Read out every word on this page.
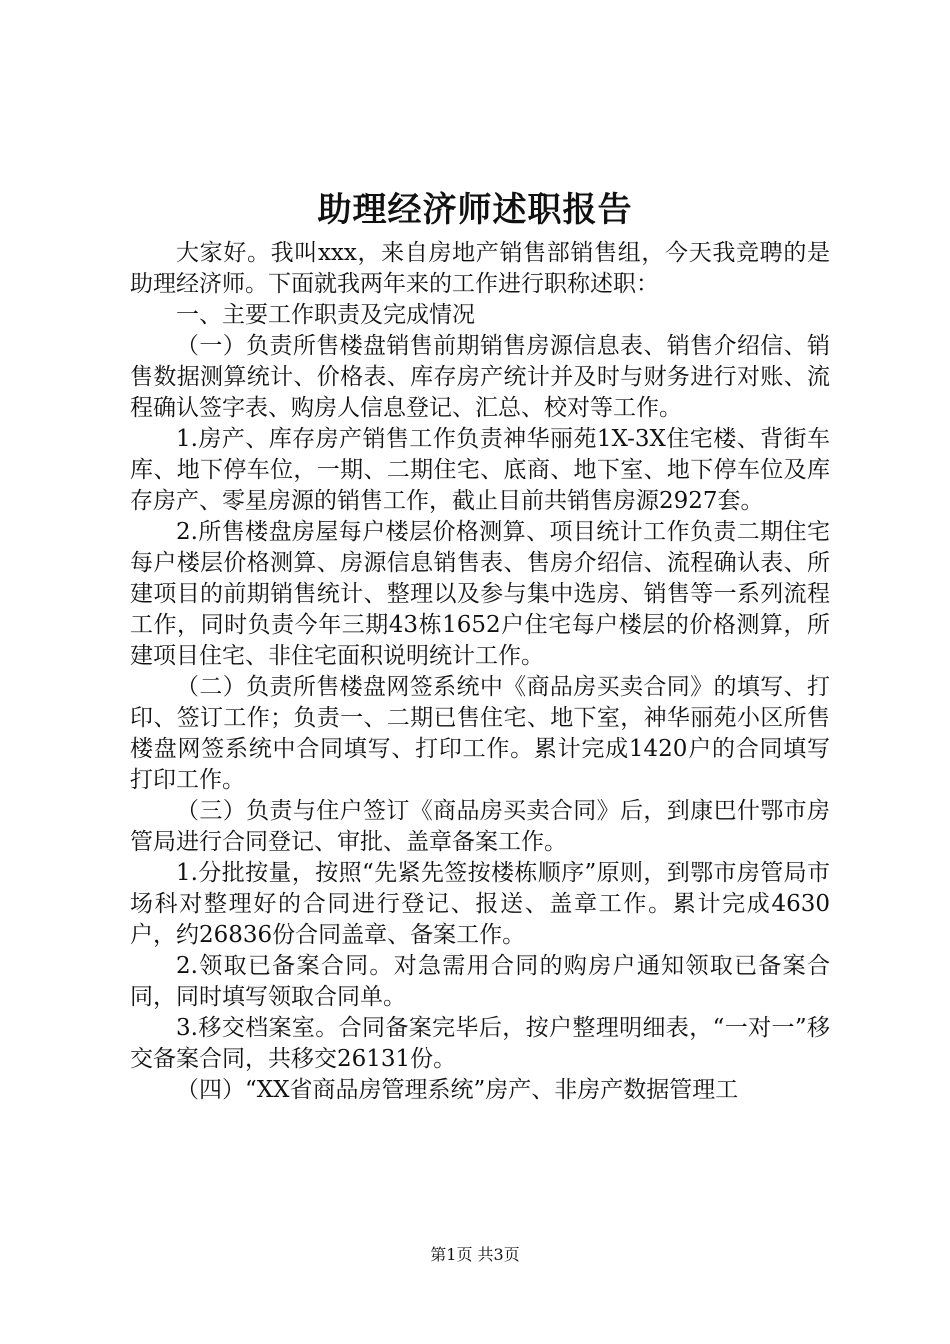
助理经济师述职报告

大家好。我叫xxx，来自房地产销售部销售组，今天我竞聘的是助理经济师。下面就我两年来的工作进行职称述职：

一、主要工作职责及完成情况

（一）负责所售楼盘销售前期销售房源信息表、销售介绍信、销售数据测算统计、价格表、库存房产统计并及时与财务进行对账、流程确认签字表、购房人信息登记、汇总、校对等工作。

1.房产、库存房产销售工作负责神华丽苑1X-3X住宅楼、背街车库、地下停车位，一期、二期住宅、底商、地下室、地下停车位及库存房产、零星房源的销售工作，截止目前共销售房源2927套。

2.所售楼盘房屋每户楼层价格测算、项目统计工作负责二期住宅每户楼层价格测算、房源信息销售表、售房介绍信、流程确认表、所建项目的前期销售统计、整理以及参与集中选房、销售等一系列流程工作，同时负责今年三期43栋1652户住宅每户楼层的价格测算，所建项目住宅、非住宅面积说明统计工作。

（二）负责所售楼盘网签系统中《商品房买卖合同》的填写、打印、签订工作；负责一、二期已售住宅、地下室，神华丽苑小区所售楼盘网签系统中合同填写、打印工作。累计完成1420户的合同填写打印工作。

（三）负责与住户签订《商品房买卖合同》后，到康巴什鄂市房管局进行合同登记、审批、盖章备案工作。

1.分批按量，按照“先紧先签按楼栋顺序”原则，到鄂市房管局市场科对整理好的合同进行登记、报送、盖章工作。累计完成4630户，约26836份合同盖章、备案工作。

2.领取已备案合同。对急需用合同的购房户通知领取已备案合同，同时填写领取合同单。

3.移交档案室。合同备案完毕后，按户整理明细表，“一对一”移交备案合同，共移交26131份。

（四）“XX省商品房管理系统”房产、非房产数据管理工

第1页 共3页
